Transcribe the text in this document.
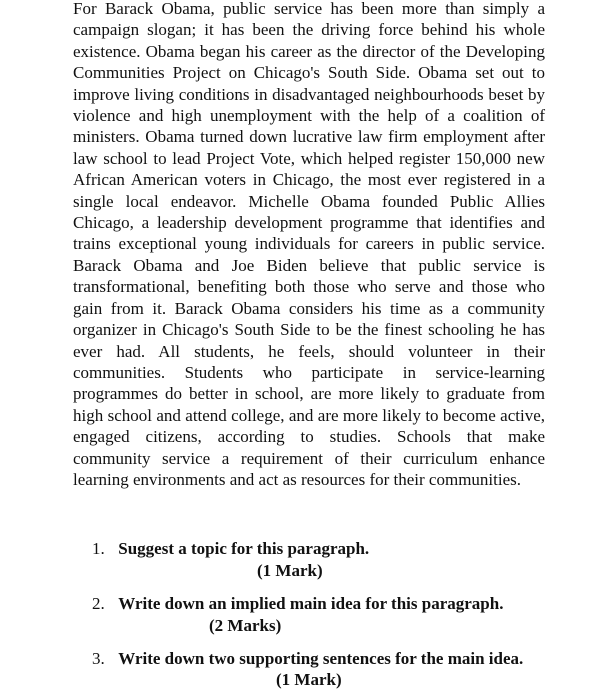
For Barack Obama, public service has been more than simply a campaign slogan; it has been the driving force behind his whole existence. Obama began his career as the director of the Developing Communities Project on Chicago's South Side. Obama set out to improve living conditions in disadvantaged neighbourhoods beset by violence and high unemployment with the help of a coalition of ministers. Obama turned down lucrative law firm employment after law school to lead Project Vote, which helped register 150,000 new African American voters in Chicago, the most ever registered in a single local endeavor. Michelle Obama founded Public Allies Chicago, a leadership development programme that identifies and trains exceptional young individuals for careers in public service. Barack Obama and Joe Biden believe that public service is transformational, benefiting both those who serve and those who gain from it. Barack Obama considers his time as a community organizer in Chicago's South Side to be the finest schooling he has ever had. All students, he feels, should volunteer in their communities. Students who participate in service-learning programmes do better in school, are more likely to graduate from high school and attend college, and are more likely to become active, engaged citizens, according to studies. Schools that make community service a requirement of their curriculum enhance learning environments and act as resources for their communities.

1. Suggest a topic for this paragraph.
(1 Mark)
2. Write down an implied main idea for this paragraph.
(2 Marks)
3. Write down two supporting sentences for the main idea.
(1 Mark)
